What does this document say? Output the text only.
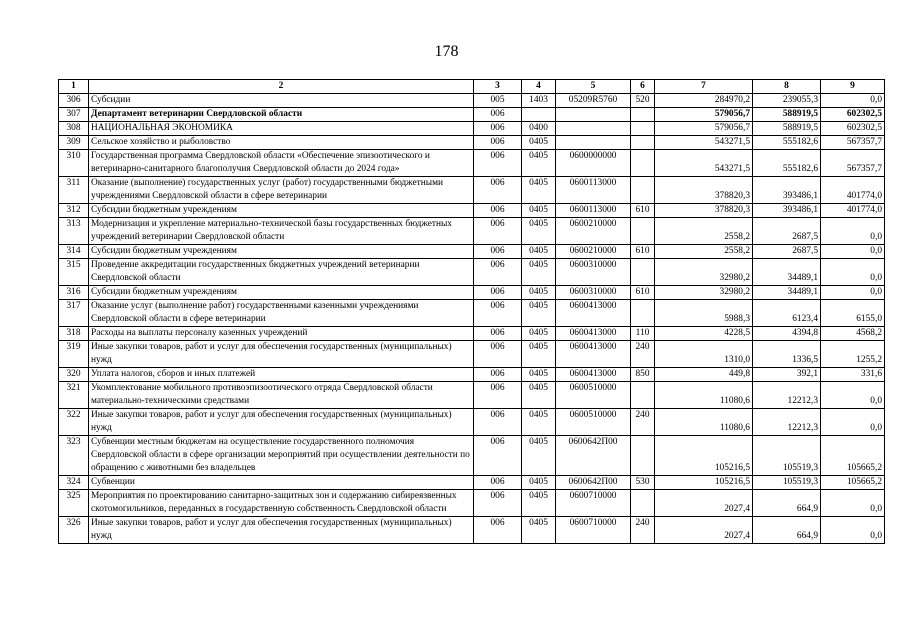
178
1	2	3	4	5	6	7	8	9
306	Субсидии	005	1403	05209R5760	520	284970,2	239055,3	0,0
307	Департамент ветеринарии Свердловской области	006				579056,7	588919,5	602302,5
308	НАЦИОНАЛЬНАЯ ЭКОНОМИКА	006	0400			579056,7	588919,5	602302,5
309	Сельское хозяйство и рыболовство	006	0405			543271,5	555182,6	567357,7
310	Государственная программа Свердловской области «Обеспечение эпизоотического и ветеринарно-санитарного благополучия Свердловской области до 2024 года»	006	0405	0600000000		543271,5	555182,6	567357,7
311	Оказание (выполнение) государственных услуг (работ) государственными бюджетными учреждениями Свердловской области в сфере ветеринарии	006	0405	0600113000		378820,3	393486,1	401774,0
312	Субсидии бюджетным учреждениям	006	0405	0600113000	610	378820,3	393486,1	401774,0
313	Модернизация и укрепление материально-технической базы государственных бюджетных учреждений ветеринарии Свердловской области	006	0405	0600210000		2558,2	2687,5	0,0
314	Субсидии бюджетным учреждениям	006	0405	0600210000	610	2558,2	2687,5	0,0
315	Проведение аккредитации государственных бюджетных учреждений ветеринарии Свердловской области	006	0405	0600310000		32980,2	34489,1	0,0
316	Субсидии бюджетным учреждениям	006	0405	0600310000	610	32980,2	34489,1	0,0
317	Оказание услуг (выполнение работ) государственными казенными учреждениями Свердловской области в сфере ветеринарии	006	0405	0600413000		5988,3	6123,4	6155,0
318	Расходы на выплаты персоналу казенных учреждений	006	0405	0600413000	110	4228,5	4394,8	4568,2
319	Иные закупки товаров, работ и услуг для обеспечения государственных (муниципальных) нужд	006	0405	0600413000	240	1310,0	1336,5	1255,2
320	Уплата налогов, сборов и иных платежей	006	0405	0600413000	850	449,8	392,1	331,6
321	Укомплектование мобильного противоэпизоотического отряда Свердловской области материально-техническими средствами	006	0405	0600510000		11080,6	12212,3	0,0
322	Иные закупки товаров, работ и услуг для обеспечения государственных (муниципальных) нужд	006	0405	0600510000	240	11080,6	12212,3	0,0
323	Субвенции местным бюджетам на осуществление государственного полномочия Свердловской области в сфере организации мероприятий при осуществлении деятельности по обращению с животными без владельцев	006	0405	0600642П00		105216,5	105519,3	105665,2
324	Субвенции	006	0405	0600642П00	530	105216,5	105519,3	105665,2
325	Мероприятия по проектированию санитарно-защитных зон и содержанию сибиреязвенных скотомогильников, переданных в государственную собственность Свердловской области	006	0405	0600710000		2027,4	664,9	0,0
326	Иные закупки товаров, работ и услуг для обеспечения государственных (муниципальных) нужд	006	0405	0600710000	240	2027,4	664,9	0,0
